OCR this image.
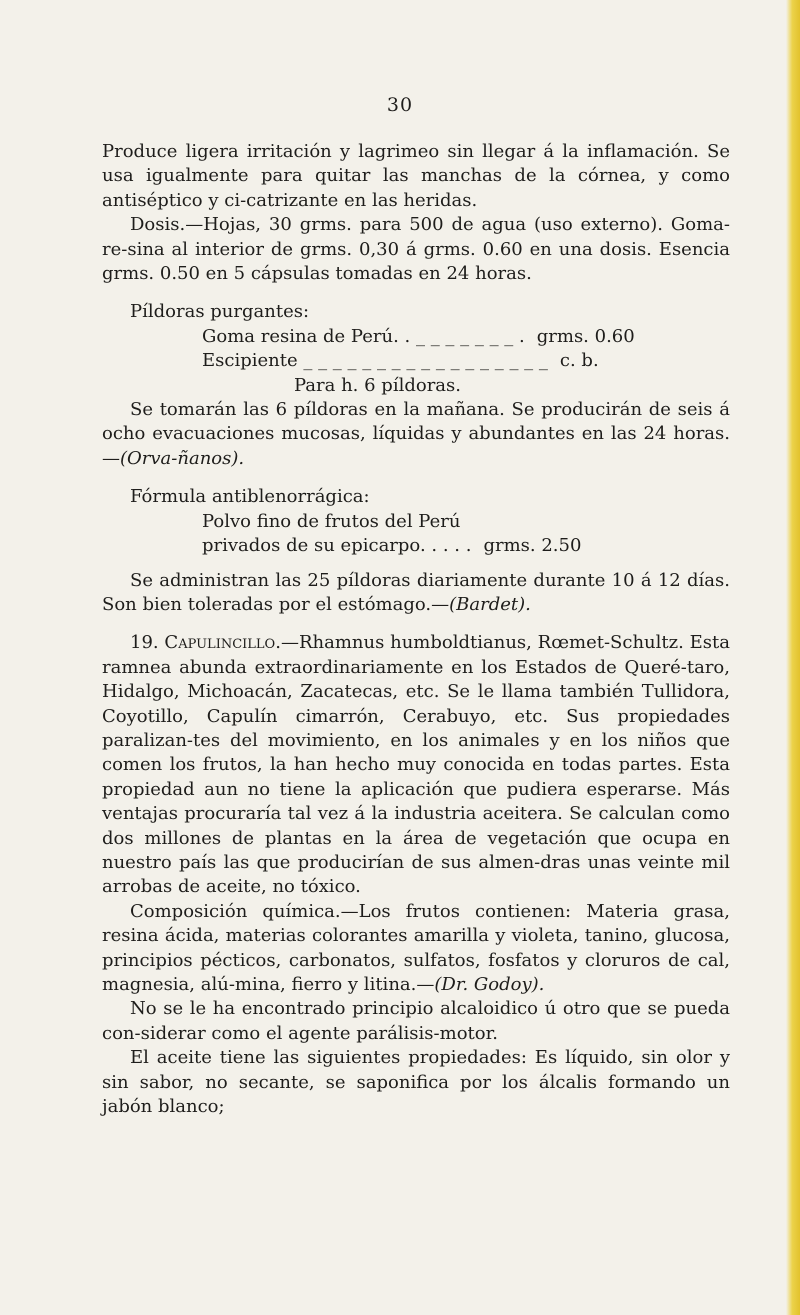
30

Produce ligera irritación y lagrimeo sin llegar á la inflamación. Se usa igualmente para quitar las manchas de la córnea, y como antiséptico y ci-catrizante en las heridas.

Dosis.—Hojas, 30 grms. para 500 de agua (uso externo). Goma-re-sina al interior de grms. 0,30 á grms. 0.60 en una dosis. Esencia grms. 0.50 en 5 cápsulas tomadas en 24 horas.

Píldoras purgantes:

Goma resina de Perú. . _ _ _ _ _ _ _ . grms. 0.60
Escipiente _ _ _ _ _ _ _ _ _ _ _ _ _ _ _ _ _ c. b.

Para h. 6 píldoras.

Se tomarán las 6 píldoras en la mañana. Se producirán de seis á ocho evacuaciones mucosas, líquidas y abundantes en las 24 horas. —(Orva-ñanos).

Fórmula antiblenorrágica:

Polvo fino de frutos del Perú
privados de su epicarpo. . . . . grms. 2.50

Se administran las 25 píldoras diariamente durante 10 á 12 días. Son bien toleradas por el estómago.—(Bardet).

19. Capulincillo.—Rhamnus humboldtianus, Rœmet-Schultz. Esta ramnea abunda extraordinariamente en los Estados de Queré-taro, Hidalgo, Michoacán, Zacatecas, etc. Se le llama también Tullidora, Coyotillo, Capulín cimarrón, Cerabuyo, etc. Sus propiedades paralizan-tes del movimiento, en los animales y en los niños que comen los frutos, la han hecho muy conocida en todas partes. Esta propiedad aun no tiene la aplicación que pudiera esperarse. Más ventajas procuraría tal vez á la industria aceitera. Se calculan como dos millones de plantas en la área de vegetación que ocupa en nuestro país las que producirían de sus almen-dras unas veinte mil arrobas de aceite, no tóxico.

Composición química.—Los frutos contienen: Materia grasa, resina ácida, materias colorantes amarilla y violeta, tanino, glucosa, principios pécticos, carbonatos, sulfatos, fosfatos y cloruros de cal, magnesia, alú-mina, fierro y litina.—(Dr. Godoy).

No se le ha encontrado principio alcaloidico ú otro que se pueda con-siderar como el agente parálisis-motor.

El aceite tiene las siguientes propiedades: Es líquido, sin olor y sin sabor, no secante, se saponifica por los álcalis formando un jabón blanco;
